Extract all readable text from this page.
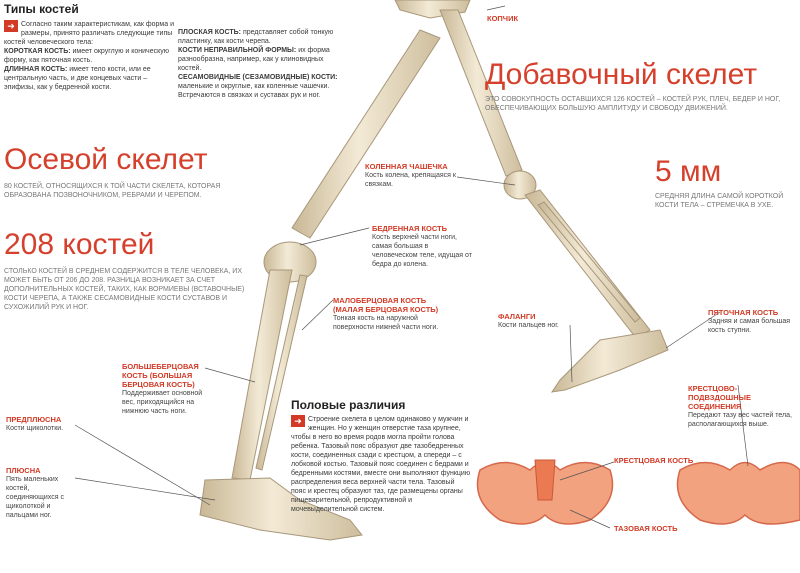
Типы костей
➜ Согласно таким характеристикам, как форма и размеры, принято различать следующие типы костей человеческого тела:
КОРОТКАЯ КОСТЬ: имеет округлую и коническую форму, как пяточная кость.
ДЛИННАЯ КОСТЬ: имеет тело кости, или ее центральную часть, и две концевых части – эпифизы, как у бедренной кости.
ПЛОСКАЯ КОСТЬ: представляет собой тонкую пластинку, как кости черепа.
КОСТИ НЕПРАВИЛЬНОЙ ФОРМЫ: их форма разнообразна, например, как у клиновидных костей.
СЕСАМОВИДНЫЕ (СЕЗАМОВИДНЫЕ) КОСТИ: маленькие и округлые, как коленные чашечки. Встречаются в связках и суставах рук и ног.
Осевой скелет
80 КОСТЕЙ, ОТНОСЯЩИХСЯ К ТОЙ ЧАСТИ СКЕЛЕТА, КОТОРАЯ ОБРАЗОВАНА ПОЗВОНОЧНИКОМ, РЕБРАМИ И ЧЕРЕПОМ.
208 костей
СТОЛЬКО КОСТЕЙ В СРЕДНЕМ СОДЕРЖИТСЯ В ТЕЛЕ ЧЕЛОВЕКА, ИХ МОЖЕТ БЫТЬ ОТ 206 ДО 208. РАЗНИЦА ВОЗНИКАЕТ ЗА СЧЕТ ДОПОЛНИТЕЛЬНЫХ КОСТЕЙ, ТАКИХ, КАК ВОРМИЕВЫ (ВСТАВОЧНЫЕ) КОСТИ ЧЕРЕПА, А ТАКЖЕ СЕСАМОВИДНЫЕ КОСТИ СУСТАВОВ И СУХОЖИЛИЙ РУК И НОГ.
Добавочный скелет
ЭТО СОВОКУПНОСТЬ ОСТАВШИХСЯ 126 КОСТЕЙ – КОСТЕЙ РУК, ПЛЕЧ, БЕДЕР И НОГ, ОБЕСПЕЧИВАЮЩИХ БОЛЬШУЮ АМПЛИТУДУ И СВОБОДУ ДВИЖЕНИЙ.
5 мм
СРЕДНЯЯ ДЛИНА САМОЙ КОРОТКОЙ КОСТИ ТЕЛА – СТРЕМЕЧКА В УХЕ.
Половые различия
➜ Строение скелета в целом одинаково у мужчин и женщин. Но у женщин отверстие таза крупнее, чтобы в него во время родов могла пройти голова ребенка. Тазовый пояс образуют две тазобедренных кости, соединенных сзади с крестцом, а спереди – с лобковой костью. Тазовый пояс соединен с бедрами и бедренными костями, вместе они выполняют функцию распределения веса верхней части тела. Тазовый пояс и крестец образуют таз, где размещены органы пищеварительной, репродуктивной и мочевыделительной систем.
КОПЧИК
КОЛЕННАЯ ЧАШЕЧКА
Кость колена, крепящаяся к связкам.
БЕДРЕННАЯ КОСТЬ
Кость верхней части ноги, самая большая в человеческом теле, идущая от бедра до колена.
МАЛОБЕРЦОВАЯ КОСТЬ (МАЛАЯ БЕРЦОВАЯ КОСТЬ)
Тонкая кость на наружной поверхности нижней части ноги.
БОЛЬШЕБЕРЦОВАЯ КОСТЬ (БОЛЬШАЯ БЕРЦОВАЯ КОСТЬ)
Поддерживает основной вес, приходящийся на нижнюю часть ноги.
ПРЕДПЛЮСНА
Кости щиколотки.
ПЛЮСНА
Пять маленьких костей, соединяющихся с щиколоткой и пальцами ног.
ФАЛАНГИ
Кости пальцев ног.
ПЯТОЧНАЯ КОСТЬ
Задняя и самая большая кость ступни.
КРЕСТЦОВО-ПОДВЗДОШНЫЕ СОЕДИНЕНИЯ
Передают тазу вес частей тела, располагающихся выше.
КРЕСТЦОВАЯ КОСТЬ
ТАЗОВАЯ КОСТЬ
